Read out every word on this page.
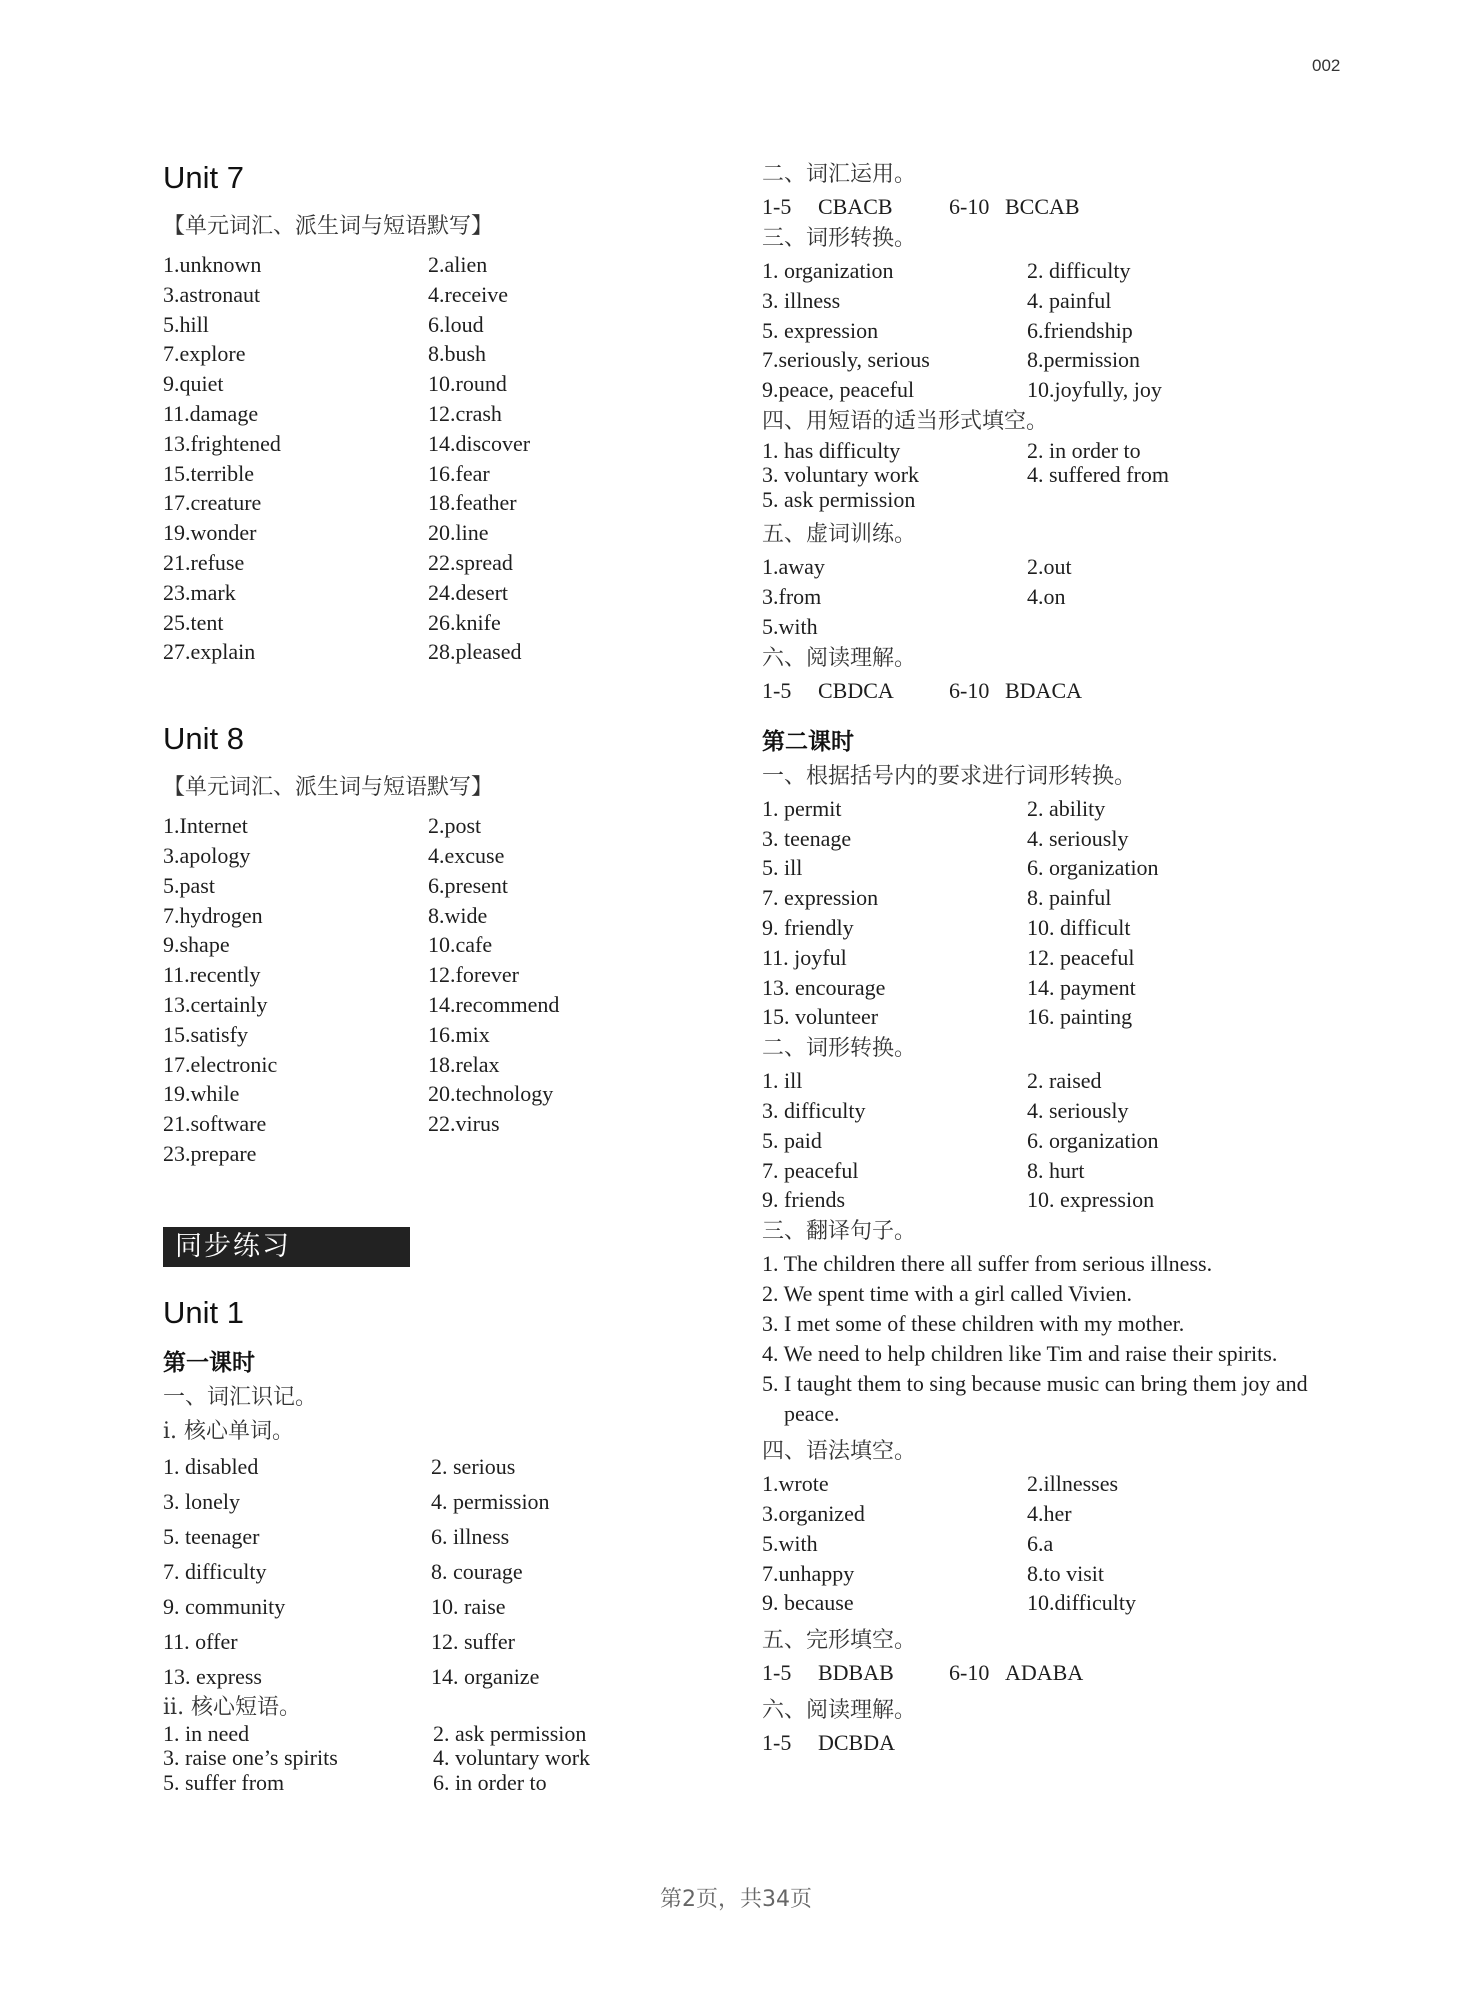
002
Unit 7
【单元词汇、派生词与短语默写】
1.unknown	2.alien
3.astronaut	4.receive
5.hill	6.loud
7.explore	8.bush
9.quiet	10.round
11.damage	12.crash
13.frightened	14.discover
15.terrible	16.fear
17.creature	18.feather
19.wonder	20.line
21.refuse	22.spread
23.mark	24.desert
25.tent	26.knife
27.explain	28.pleased
Unit 8
【单元词汇、派生词与短语默写】
1.Internet	2.post
3.apology	4.excuse
5.past	6.present
7.hydrogen	8.wide
9.shape	10.cafe
11.recently	12.forever
13.certainly	14.recommend
15.satisfy	16.mix
17.electronic	18.relax
19.while	20.technology
21.software	22.virus
23.prepare
同步练习
Unit 1
第一课时
一、词汇识记。
i. 核心单词。
1. disabled	2. serious
3. lonely	4. permission
5. teenager	6. illness
7. difficulty	8. courage
9. community	10. raise
11. offer	12. suffer
13. express	14. organize
ii. 核心短语。
1. in need	2. ask permission
3. raise one’s spirits	4. voluntary work
5. suffer from	6. in order to
二、词汇运用。
1-5 CBACB	6-10 BCCAB
三、词形转换。
1. organization	2. difficulty
3. illness	4. painful
5. expression	6.friendship
7.seriously, serious	8.permission
9.peace, peaceful	10.joyfully, joy
四、用短语的适当形式填空。
1. has difficulty	2. in order to
3. voluntary work	4. suffered from
5. ask permission
五、虚词训练。
1.away	2.out
3.from	4.on
5.with
六、阅读理解。
1-5 CBDCA	6-10 BDACA
第二课时
一、根据括号内的要求进行词形转换。
1. permit	2. ability
3. teenage	4. seriously
5. ill	6. organization
7. expression	8. painful
9. friendly	10. difficult
11. joyful	12. peaceful
13. encourage	14. payment
15. volunteer	16. painting
二、词形转换。
1. ill	2. raised
3. difficulty	4. seriously
5. paid	6. organization
7. peaceful	8. hurt
9. friends	10. expression
三、翻译句子。
1. The children there all suffer from serious illness.
2. We spent time with a girl called Vivien.
3. I met some of these children with my mother.
4. We need to help children like Tim and raise their spirits.
5. I taught them to sing because music can bring them joy and peace.
四、语法填空。
1.wrote	2.illnesses
3.organized	4.her
5.with	6.a
7.unhappy	8.to visit
9. because	10.difficulty
五、完形填空。
1-5 BDBAB	6-10 ADABA
六、阅读理解。
1-5 DCBDA
第2页，共34页
